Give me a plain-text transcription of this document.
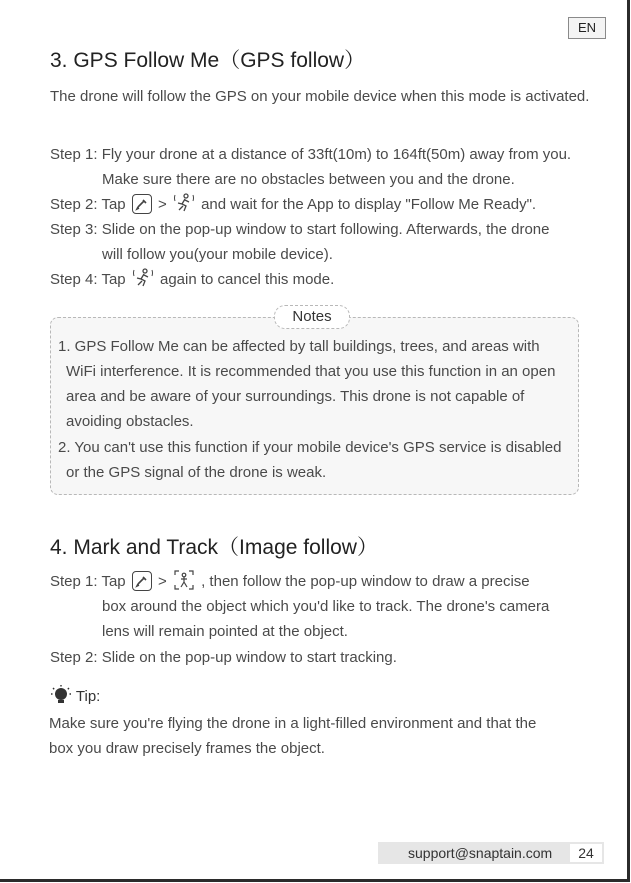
EN
3. GPS Follow Me（GPS follow）
The drone will follow the GPS on your mobile device when this mode is activated.
Step 1: Fly your drone at a distance of 33ft(10m) to 164ft(50m) away from you.
Make sure there are no obstacles between you and the drone.
Step 2: Tap > and wait for the App to display "Follow Me Ready".
Step 3: Slide on the pop-up window to start following. Afterwards, the drone
will follow you(your mobile device).
Step 4: Tap again to cancel this mode.
Notes
1. GPS Follow Me can be affected by tall buildings, trees, and areas with
WiFi interference. It is recommended that you use this function in an open
area and be aware of your surroundings. This drone is not capable of
avoiding obstacles.
2. You can't use this function if your mobile device's GPS service is disabled
or the GPS signal of the drone is weak.
4. Mark and Track（Image follow）
Step 1: Tap > , then follow the pop-up window to draw a precise
box around the object which you'd like to track. The drone's camera
lens will remain pointed at the object.
Step 2: Slide on the pop-up window to start tracking.
Tip:
Make sure you're flying the drone in a light-filled environment and that the
box you draw precisely frames the object.
support@snaptain.com	24
